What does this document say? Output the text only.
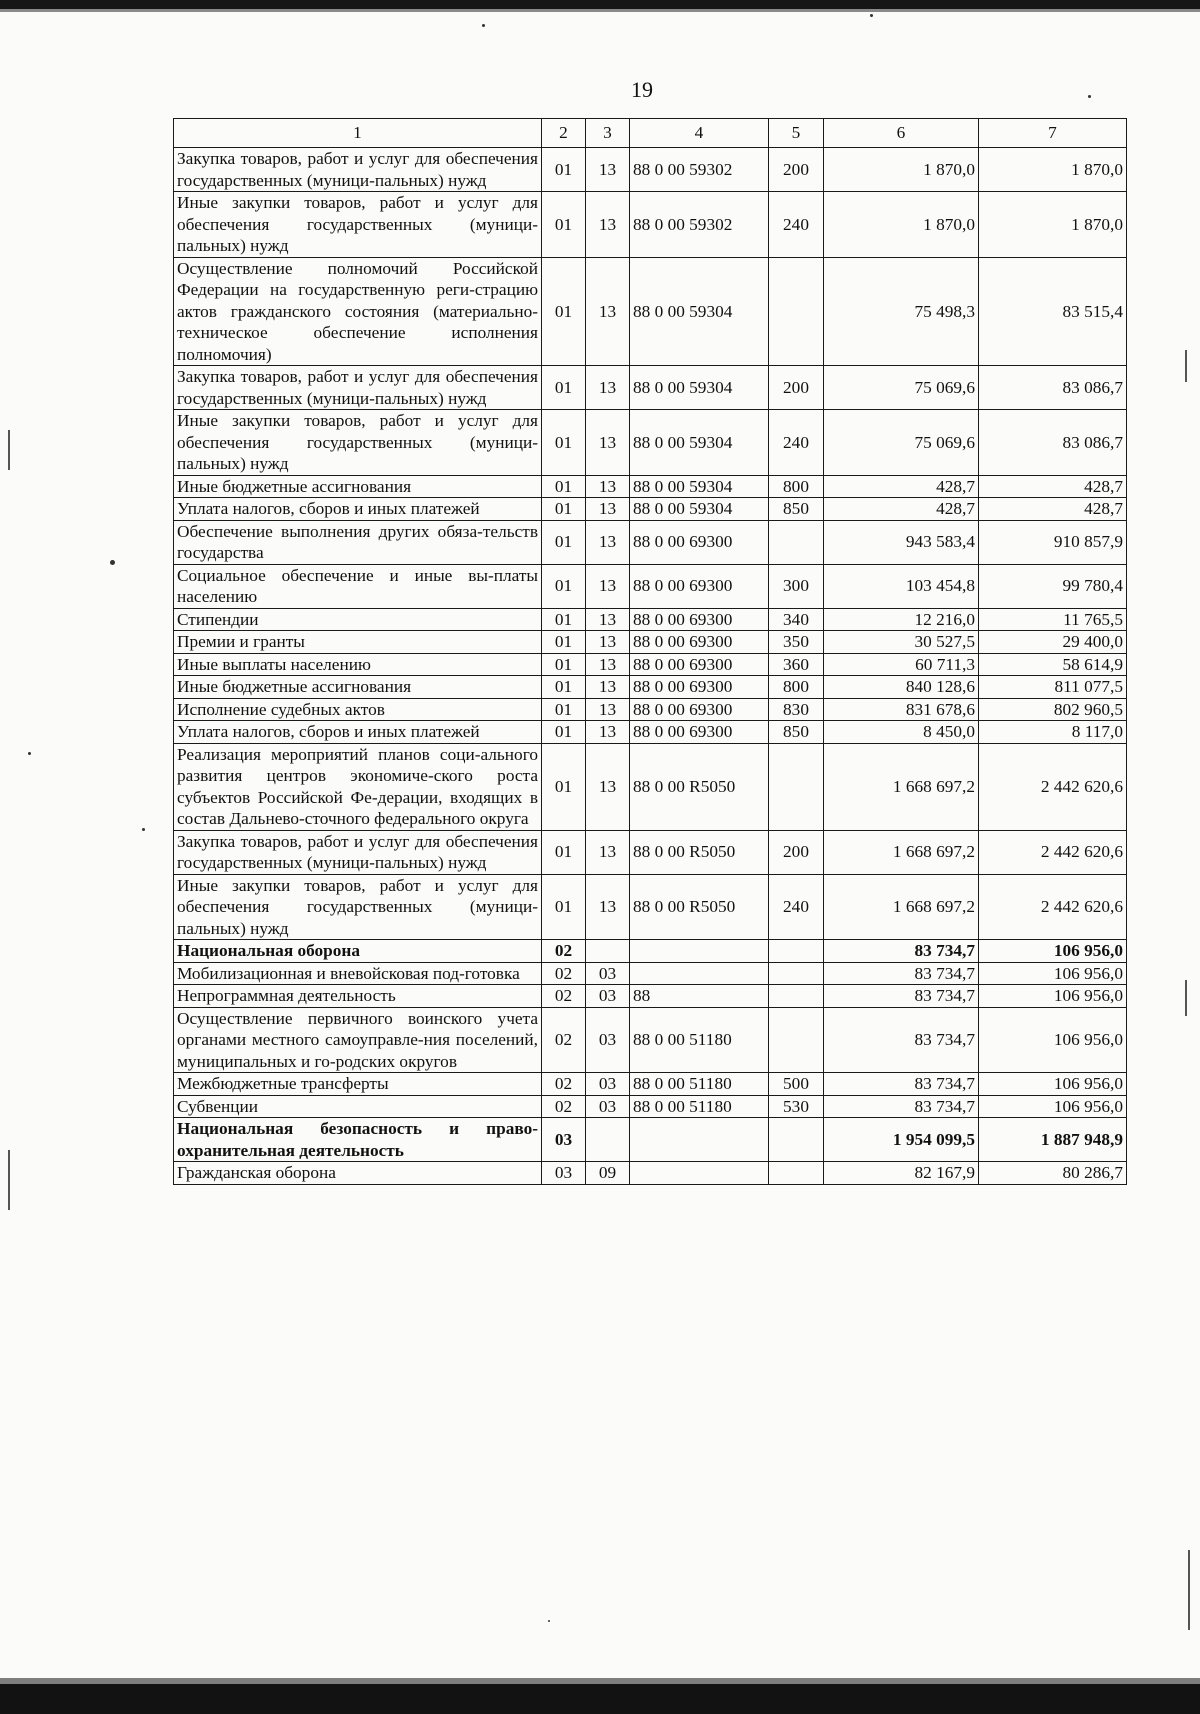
19
1	2	3	4	5	6	7
Закупка товаров, работ и услуг для обеспечения государственных (муници-пальных) нужд	01	13	88 0 00 59302	200	1 870,0	1 870,0
Иные закупки товаров, работ и услуг для обеспечения государственных (муници-пальных) нужд	01	13	88 0 00 59302	240	1 870,0	1 870,0
Осуществление полномочий Российской Федерации на государственную реги-страцию актов гражданского состояния (материально-техническое обеспечение исполнения полномочия)	01	13	88 0 00 59304		75 498,3	83 515,4
Закупка товаров, работ и услуг для обеспечения государственных (муници-пальных) нужд	01	13	88 0 00 59304	200	75 069,6	83 086,7
Иные закупки товаров, работ и услуг для обеспечения государственных (муници-пальных) нужд	01	13	88 0 00 59304	240	75 069,6	83 086,7
Иные бюджетные ассигнования	01	13	88 0 00 59304	800	428,7	428,7
Уплата налогов, сборов и иных платежей	01	13	88 0 00 59304	850	428,7	428,7
Обеспечение выполнения других обяза-тельств государства	01	13	88 0 00 69300		943 583,4	910 857,9
Социальное обеспечение и иные вы-платы населению	01	13	88 0 00 69300	300	103 454,8	99 780,4
Стипендии	01	13	88 0 00 69300	340	12 216,0	11 765,5
Премии и гранты	01	13	88 0 00 69300	350	30 527,5	29 400,0
Иные выплаты населению	01	13	88 0 00 69300	360	60 711,3	58 614,9
Иные бюджетные ассигнования	01	13	88 0 00 69300	800	840 128,6	811 077,5
Исполнение судебных актов	01	13	88 0 00 69300	830	831 678,6	802 960,5
Уплата налогов, сборов и иных платежей	01	13	88 0 00 69300	850	8 450,0	8 117,0
Реализация мероприятий планов соци-ального развития центров экономиче-ского роста субъектов Российской Фе-дерации, входящих в состав Дальнево-сточного федерального округа	01	13	88 0 00 R5050		1 668 697,2	2 442 620,6
Закупка товаров, работ и услуг для обеспечения государственных (муници-пальных) нужд	01	13	88 0 00 R5050	200	1 668 697,2	2 442 620,6
Иные закупки товаров, работ и услуг для обеспечения государственных (муници-пальных) нужд	01	13	88 0 00 R5050	240	1 668 697,2	2 442 620,6
Национальная оборона	02				83 734,7	106 956,0
Мобилизационная и вневойсковая под-готовка	02	03			83 734,7	106 956,0
Непрограммная деятельность	02	03	88		83 734,7	106 956,0
Осуществление первичного воинского учета органами местного самоуправле-ния поселений, муниципальных и го-родских округов	02	03	88 0 00 51180		83 734,7	106 956,0
Межбюджетные трансферты	02	03	88 0 00 51180	500	83 734,7	106 956,0
Субвенции	02	03	88 0 00 51180	530	83 734,7	106 956,0
Национальная безопасность и право-охранительная деятельность	03				1 954 099,5	1 887 948,9
Гражданская оборона	03	09			82 167,9	80 286,7
